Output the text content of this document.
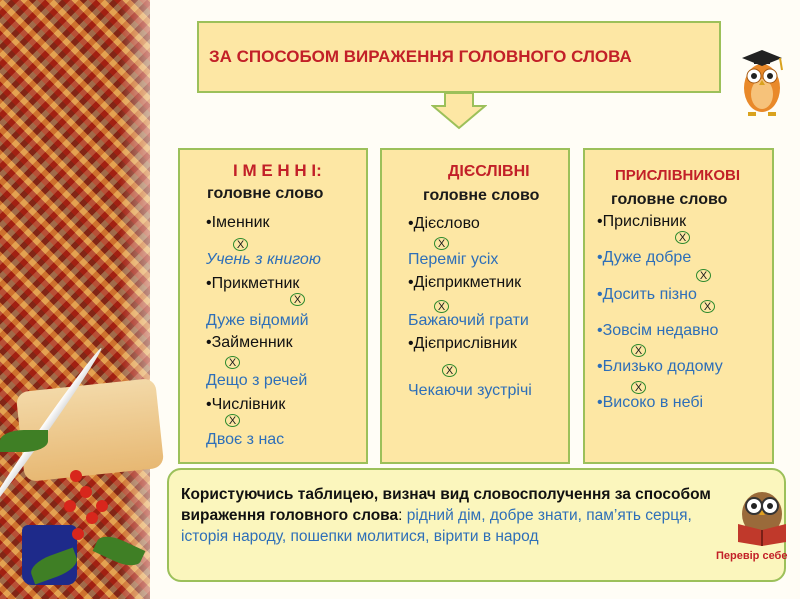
ЗА СПОСОБОМ ВИРАЖЕННЯ ГОЛОВНОГО СЛОВА
І М Е Н Н І:
головне слово
•Іменник
Х
Учень з книгою
•Прикметник
Х
Дуже відомий
•Займенник
Х
Дещо з речей
•Числівник
Х
Двоє з нас
ДІЄСЛІВНІ
головне слово
•Дієслово
Х
Переміг усіх
•Дієприкметник
Х
Бажаючий грати
•Дієприслівник
Х
Чекаючи зустрічі
ПРИСЛІВНИКОВІ
головне слово
•Прислівник
Х
•Дуже добре
Х
•Досить пізно
Х
•Зовсім недавно
Х
•Близько додому
Х
•Високо в небі
Користуючись таблицею, визнач вид словосполучення за способом вираження головного слова: рідний дім, добре знати, пам’ять серця, історія народу, пошепки молитися, вірити в народ
Перевір себе
